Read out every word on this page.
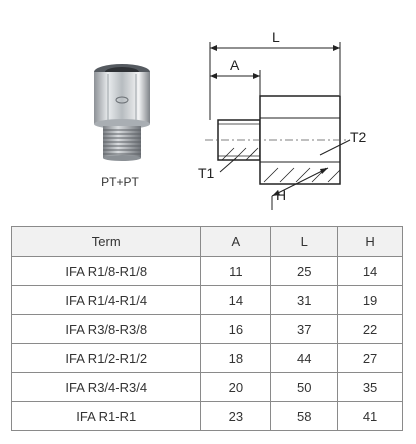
PT+PT
L
A
T1
T2
H
Term	A	L	H
IFA R1/8-R1/8	11	25	14
IFA R1/4-R1/4	14	31	19
IFA R3/8-R3/8	16	37	22
IFA R1/2-R1/2	18	44	27
IFA R3/4-R3/4	20	50	35
IFA R1-R1	23	58	41
